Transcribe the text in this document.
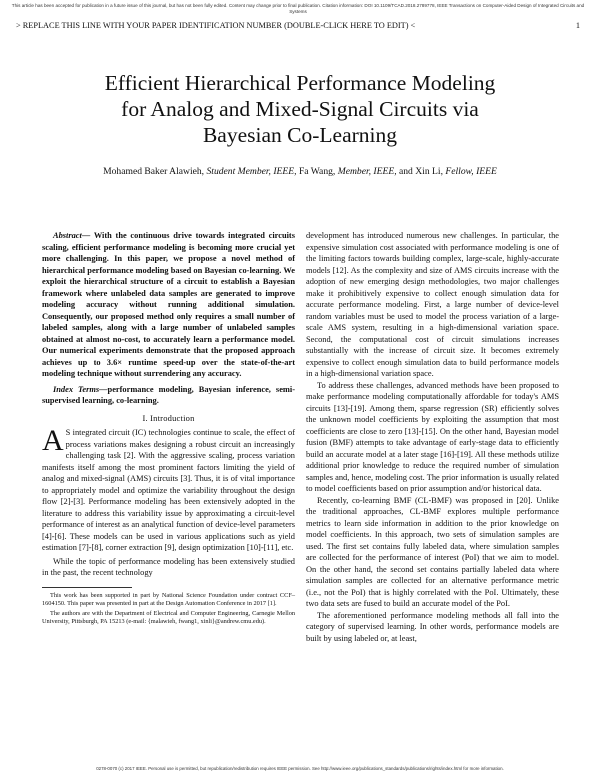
This article has been accepted for publication in a future issue of this journal, but has not been fully edited. Content may change prior to final publication. Citation information: DOI 10.1109/TCAD.2018.2789778, IEEE Transactions on Computer-Aided Design of Integrated Circuits and Systems
> REPLACE THIS LINE WITH YOUR PAPER IDENTIFICATION NUMBER (DOUBLE-CLICK HERE TO EDIT) <	1
Efficient Hierarchical Performance Modeling
for Analog and Mixed-Signal Circuits via
Bayesian Co-Learning
Mohamed Baker Alawieh, Student Member, IEEE, Fa Wang, Member, IEEE, and Xin Li, Fellow, IEEE

Abstract— With the continuous drive towards integrated circuits scaling, efficient performance modeling is becoming more crucial yet more challenging. In this paper, we propose a novel method of hierarchical performance modeling based on Bayesian co-learning. We exploit the hierarchical structure of a circuit to establish a Bayesian framework where unlabeled data samples are generated to improve modeling accuracy without running additional simulation. Consequently, our proposed method only requires a small number of labeled samples, along with a large number of unlabeled samples obtained at almost no-cost, to accurately learn a performance model. Our numerical experiments demonstrate that the proposed approach achieves up to 3.6× runtime speed-up over the state-of-the-art modeling technique without surrendering any accuracy.

Index Terms—performance modeling, Bayesian inference, semi-supervised learning, co-learning.

I. Introduction

A S integrated circuit (IC) technologies continue to scale, the effect of process variations makes designing a robust circuit an increasingly challenging task [2]. With the aggressive scaling, process variation manifests itself among the most prominent factors limiting the yield of analog and mixed-signal (AMS) circuits [3]. Thus, it is of vital importance to appropriately model and optimize the variability throughout the design flow [2]-[3]. Performance modeling has been extensively adopted in the literature to address this variability issue by approximating a circuit-level performance of interest as an analytical function of device-level parameters [4]-[6]. These models can be used in various applications such as yield estimation [7]-[8], corner extraction [9], design optimization [10]-[11], etc.

While the topic of performance modeling has been extensively studied in the past, the recent technology

This work has been supported in part by National Science Foundation under contract CCF–1604150. This paper was presented in part at the Design Automation Conference in 2017 [1].

The authors are with the Department of Electrical and Computer Engineering, Carnegie Mellon University, Pittsburgh, PA 15213 (e-mail: {malawieh, fwang1, xinli}@andrew.cmu.edu).

development has introduced numerous new challenges. In particular, the expensive simulation cost associated with performance modeling is one of the limiting factors towards building complex, large-scale, highly-accurate models [12]. As the complexity and size of AMS circuits increase with the adoption of new emerging design methodologies, two major challenges make it prohibitively expensive to collect enough simulation data for accurate performance modeling. First, a large number of device-level random variables must be used to model the process variation of a large-scale AMS system, resulting in a high-dimensional variation space. Second, the computational cost of circuit simulations increases substantially with the increase of circuit size. It becomes extremely expensive to collect enough simulation data to build performance models in a high-dimensional variation space.

To address these challenges, advanced methods have been proposed to make performance modeling computationally affordable for today's AMS circuits [13]-[19]. Among them, sparse regression (SR) efficiently solves the unknown model coefficients by exploiting the assumption that most coefficients are close to zero [13]-[15]. On the other hand, Bayesian model fusion (BMF) attempts to take advantage of early-stage data to efficiently build an accurate model at a later stage [16]-[19]. All these methods utilize additional prior knowledge to reduce the required number of simulation samples and, hence, modeling cost. The prior information is usually related to model coefficients based on prior assumption and/or historical data.

Recently, co-learning BMF (CL-BMF) was proposed in [20]. Unlike the traditional approaches, CL-BMF explores multiple performance metrics to learn side information in addition to the prior knowledge on model coefficients. In this approach, two sets of simulation samples are used. The first set contains fully labeled data, where simulation samples are collected for the performance of interest (PoI) that we aim to model. On the other hand, the second set contains partially labeled data where simulation samples are collected for an alternative performance metric (i.e., not the PoI) that is highly correlated with the PoI. Ultimately, these two data sets are fused to build an accurate model of the PoI.

The aforementioned performance modeling methods all fall into the category of supervised learning. In other words, performance models are built by using labeled or, at least,

0278-0070 (c) 2017 IEEE. Personal use is permitted, but republication/redistribution requires IEEE permission. See http://www.ieee.org/publications_standards/publications/rights/index.html for more information.
